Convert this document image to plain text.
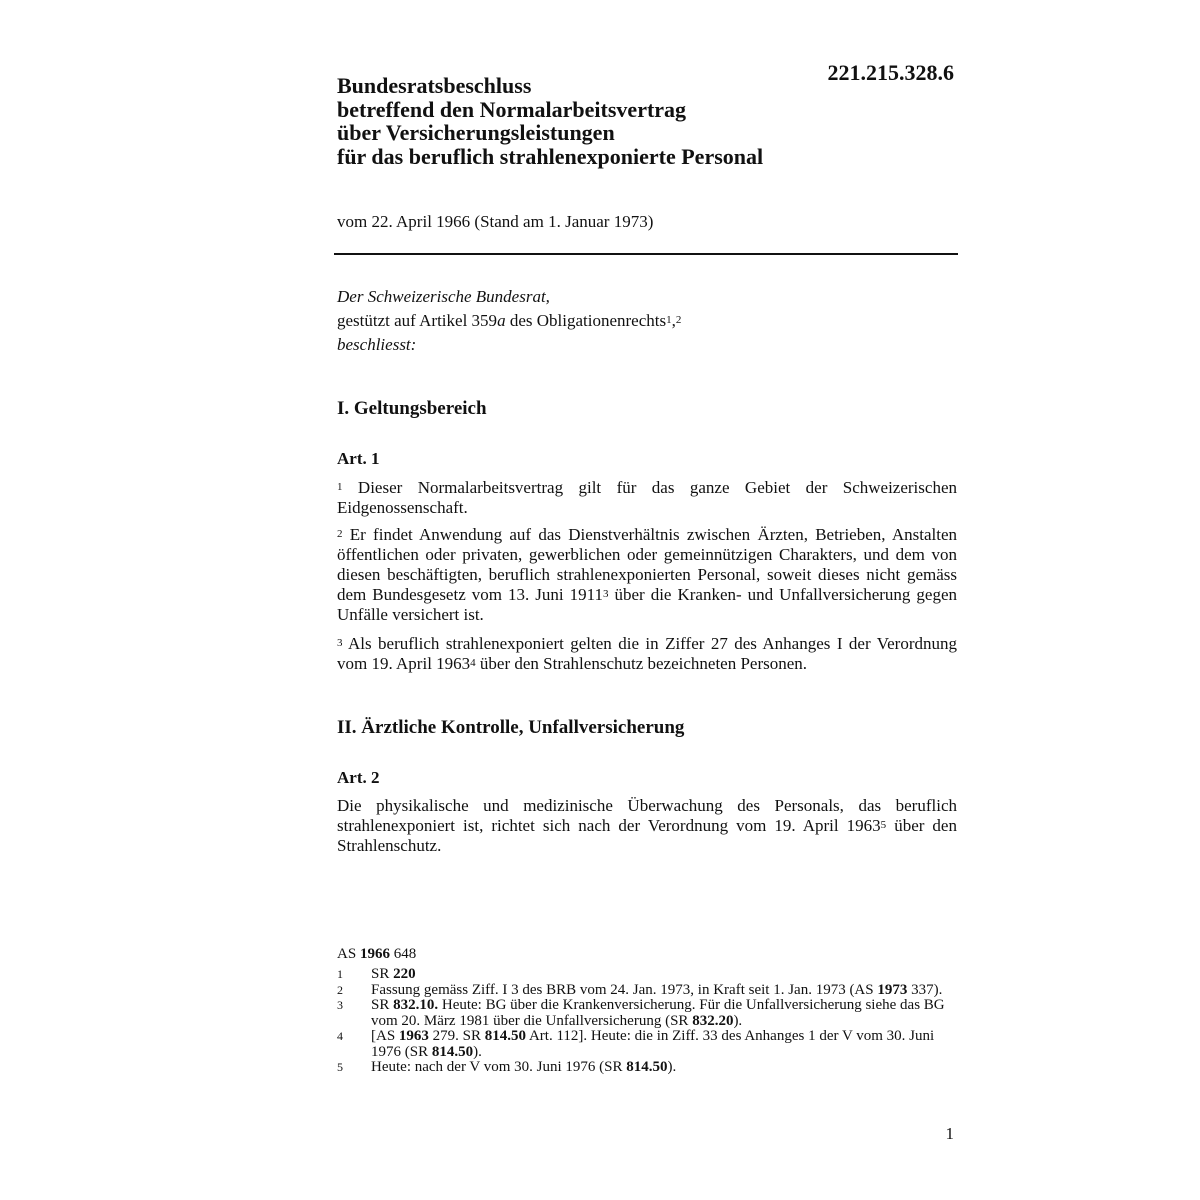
221.215.328.6
Bundesratsbeschluss
betreffend den Normalarbeitsvertrag
über Versicherungsleistungen
für das beruflich strahlenexponierte Personal
vom 22. April 1966 (Stand am 1. Januar 1973)
Der Schweizerische Bundesrat,
gestützt auf Artikel 359a des Obligationenrechts$^1$,$^2$
beschliesst:
I. Geltungsbereich
Art. 1
$^1$ Dieser Normalarbeitsvertrag gilt für das ganze Gebiet der Schweizerischen Eidgenossenschaft.
$^2$ Er findet Anwendung auf das Dienstverhältnis zwischen Ärzten, Betrieben, Anstalten öffentlichen oder privaten, gewerblichen oder gemeinnützigen Charakters, und dem von diesen beschäftigten, beruflich strahlenexponierten Personal, soweit dieses nicht gemäss dem Bundesgesetz vom 13. Juni 1911$^3$ über die Kranken- und Unfallversicherung gegen Unfälle versichert ist.
$^3$ Als beruflich strahlenexponiert gelten die in Ziffer 27 des Anhanges I der Verordnung vom 19. April 1963$^4$ über den Strahlenschutz bezeichneten Personen.
II. Ärztliche Kontrolle, Unfallversicherung
Art. 2
Die physikalische und medizinische Überwachung des Personals, das beruflich strahlenexponiert ist, richtet sich nach der Verordnung vom 19. April 1963$^5$ über den Strahlenschutz.
AS 1966 648
1	SR 220
2	Fassung gemäss Ziff. I 3 des BRB vom 24. Jan. 1973, in Kraft seit 1. Jan. 1973 (AS 1973 337).
3	SR 832.10. Heute: BG über die Krankenversicherung. Für die Unfallversicherung siehe das BG vom 20. März 1981 über die Unfallversicherung (SR 832.20).
4	[AS 1963 279. SR 814.50 Art. 112]. Heute: die in Ziff. 33 des Anhanges 1 der V vom 30. Juni 1976 (SR 814.50).
5	Heute: nach der V vom 30. Juni 1976 (SR 814.50).
1
